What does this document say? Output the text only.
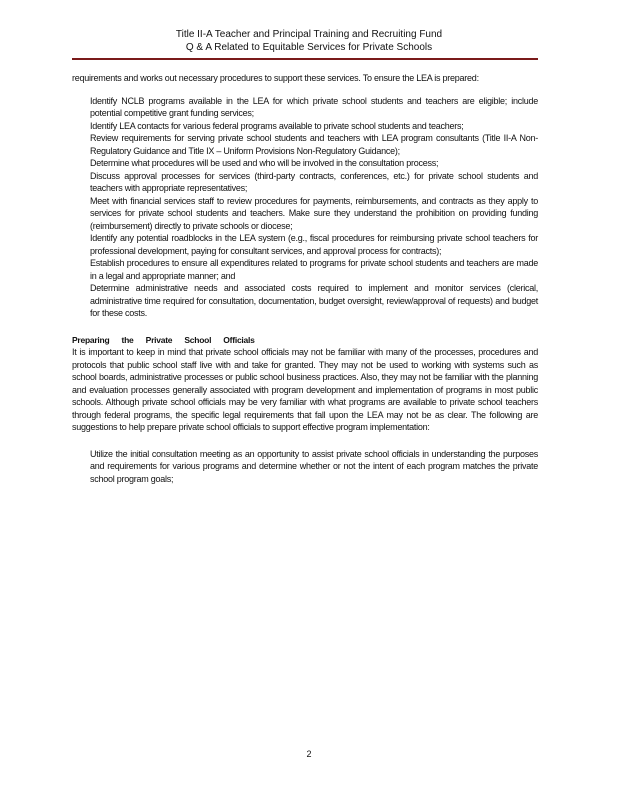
Title II-A Teacher and Principal Training and Recruiting Fund
Q & A Related to Equitable Services for Private Schools
requirements and works out necessary procedures to support these services. To ensure the LEA is prepared:
Identify NCLB programs available in the LEA for which private school students and teachers are eligible; include potential competitive grant funding services;
Identify LEA contacts for various federal programs available to private school students and teachers;
Review requirements for serving private school students and teachers with LEA program consultants (Title II-A Non-Regulatory Guidance and Title IX – Uniform Provisions Non-Regulatory Guidance);
Determine what procedures will be used and who will be involved in the consultation process;
Discuss approval processes for services (third-party contracts, conferences, etc.) for private school students and teachers with appropriate representatives;
Meet with financial services staff to review procedures for payments, reimbursements, and contracts as they apply to services for private school students and teachers. Make sure they understand the prohibition on providing funding (reimbursement) directly to private schools or diocese;
Identify any potential roadblocks in the LEA system (e.g., fiscal procedures for reimbursing private school teachers for professional development, paying for consultant services, and approval process for contracts);
Establish procedures to ensure all expenditures related to programs for private school students and teachers are made in a legal and appropriate manner; and
Determine administrative needs and associated costs required to implement and monitor services (clerical, administrative time required for consultation, documentation, budget oversight, review/approval of requests) and budget for these costs.
Preparing the Private School Officials
It is important to keep in mind that private school officials may not be familiar with many of the processes, procedures and protocols that public school staff live with and take for granted. They may not be used to working with systems such as school boards, administrative processes or public school business practices. Also, they may not be familiar with the planning and evaluation processes generally associated with program development and implementation of programs in most public schools. Although private school officials may be very familiar with what programs are available to private school teachers through federal programs, the specific legal requirements that fall upon the LEA may not be as clear. The following are suggestions to help prepare private school officials to support effective program implementation:
Utilize the initial consultation meeting as an opportunity to assist private school officials in understanding the purposes and requirements for various programs and determine whether or not the intent of each program matches the private school program goals;
2
